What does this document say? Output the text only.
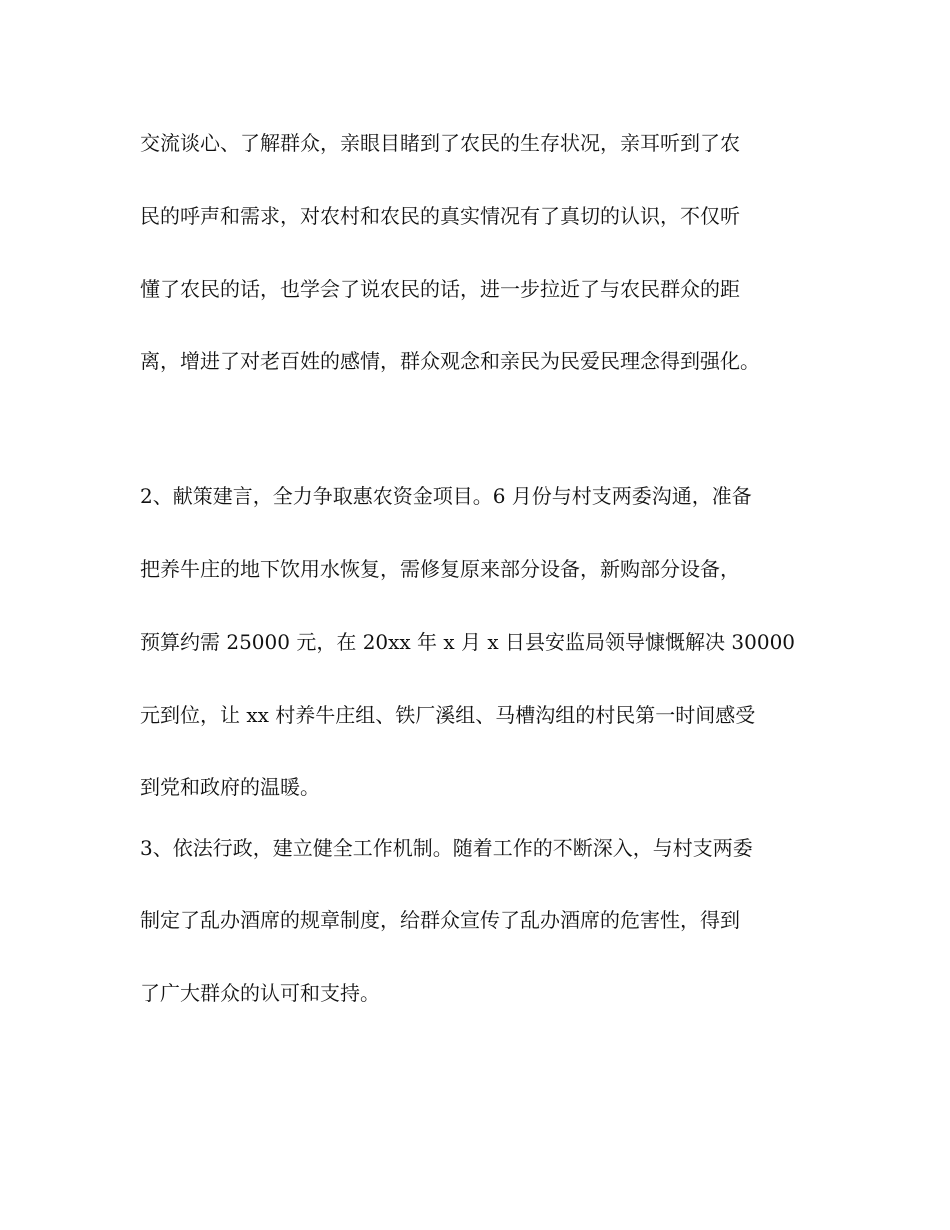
交流谈心、了解群众，亲眼目睹到了农民的生存状况，亲耳听到了农
民的呼声和需求，对农村和农民的真实情况有了真切的认识，不仅听
懂了农民的话，也学会了说农民的话，进一步拉近了与农民群众的距
离，增进了对老百姓的感情，群众观念和亲民为民爱民理念得到强化。
2、献策建言，全力争取惠农资金项目。6 月份与村支两委沟通，准备
把养牛庄的地下饮用水恢复，需修复原来部分设备，新购部分设备，
预算约需 25000 元，在 20xx 年 x 月 x 日县安监局领导慷慨解决 30000
元到位，让 xx 村养牛庄组、铁厂溪组、马槽沟组的村民第一时间感受
到党和政府的温暖。
3、依法行政，建立健全工作机制。随着工作的不断深入，与村支两委
制定了乱办酒席的规章制度，给群众宣传了乱办酒席的危害性，得到
了广大群众的认可和支持。
